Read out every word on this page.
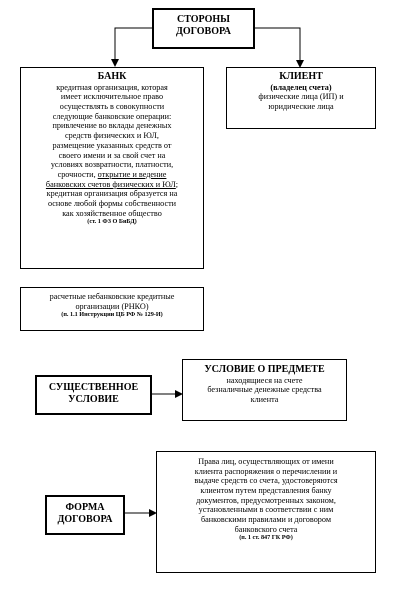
СТОРОНЫ ДОГОВОРА
БАНК
кредитная организация, которая
имеет исключительное право
осуществлять в совокупности
следующие банковские операции:
привлечение во вклады денежных
средств физических и ЮЛ,
размещение указанных средств от
своего имени и за свой счет на
условиях возвратности, платности,
срочности, открытие и ведение
банковских счетов физических и ЮЛ;
кредитная организация образуется на
основе любой формы собственности
как хозяйственное общество
(ст. 1 ФЗ О БиБД)
расчетные небанковские кредитные
организации (РНКО)
(п. 1.1 Инструкции ЦБ РФ № 129-И)
КЛИЕНТ
(владелец счета)
физические лица (ИП) и
юридические лица
СУЩЕСТВЕННОЕ
УСЛОВИЕ
УСЛОВИЕ О ПРЕДМЕТЕ
находящиеся на счете
безналичные денежные средства
клиента
ФОРМА
ДОГОВОРА
Права лиц, осуществляющих от имени
клиента распоряжения о перечислении и
выдаче средств со счета, удостоверяются
клиентом путем представления банку
документов, предусмотренных законом,
установленными в соответствии с ним
банковскими правилами и договором
банковского счета
(п. 1 ст. 847 ГК РФ)
